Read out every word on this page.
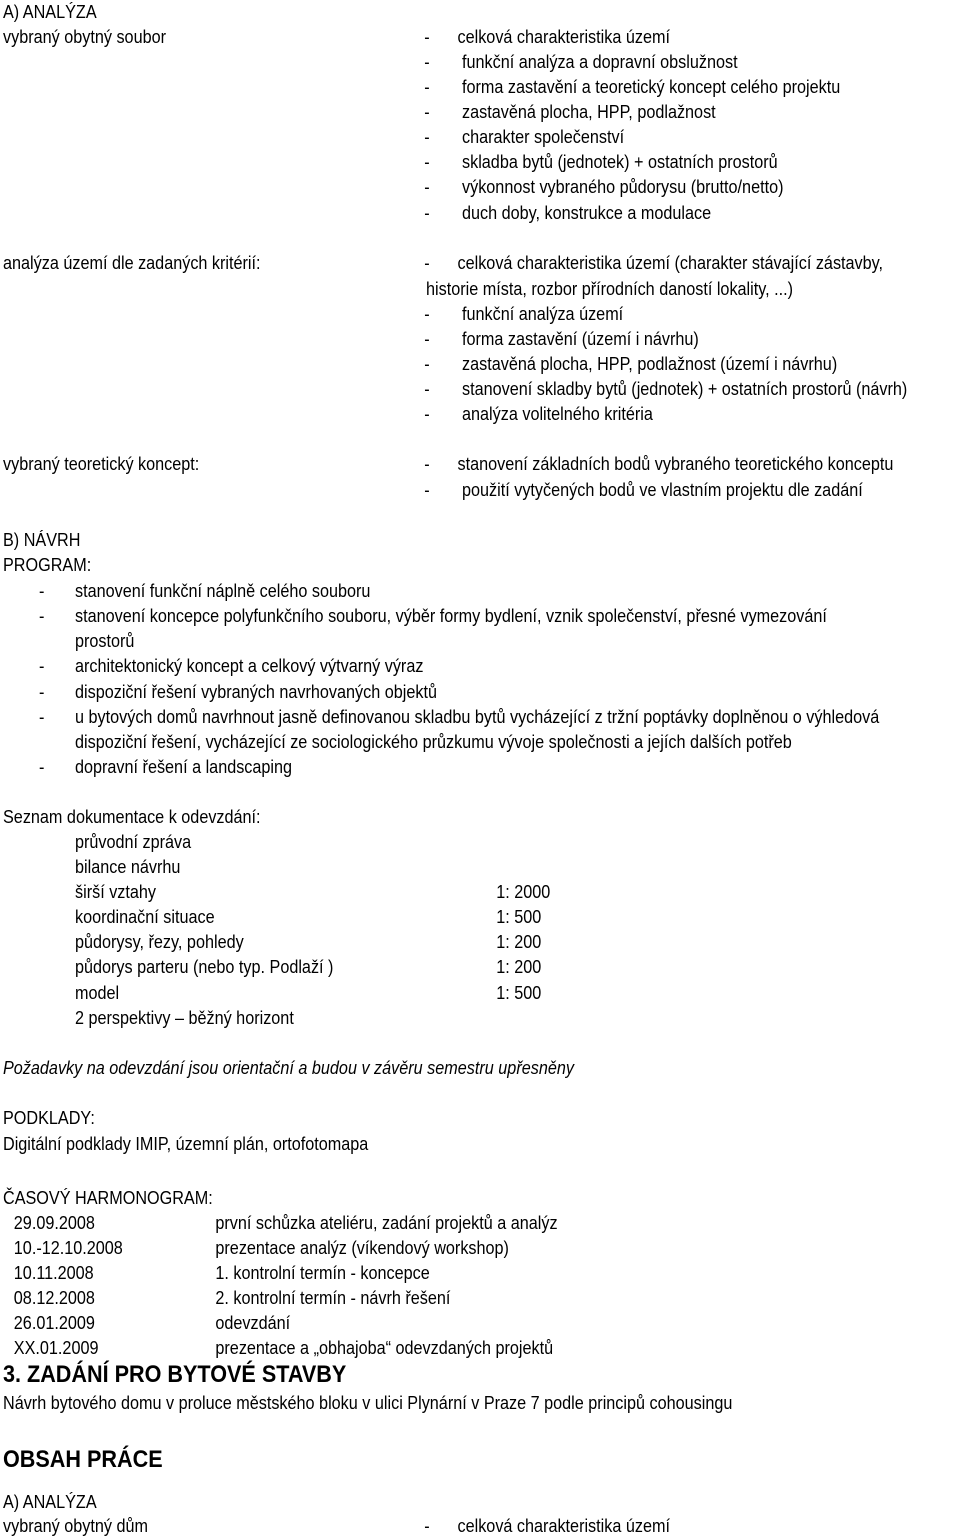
A) ANALÝZA
vybraný obytný soubor	- celková charakteristika území
- funkční analýza a dopravní obslužnost
- forma zastavění a teoretický koncept celého projektu
- zastavěná plocha, HPP, podlažnost
- charakter společenství
- skladba bytů (jednotek) + ostatních prostorů
- výkonnost vybraného půdorysu (brutto/netto)
- duch doby, konstrukce a modulace
analýza území dle zadaných kritérií:	- celková charakteristika území (charakter stávající zástavby,
historie místa, rozbor přírodních daností lokality, ...)
- funkční analýza území
- forma zastavění (území i návrhu)
- zastavěná plocha, HPP, podlažnost (území i návrhu)
- stanovení skladby bytů (jednotek) + ostatních prostorů (návrh)
- analýza volitelného kritéria
vybraný teoretický koncept:	- stanovení základních bodů vybraného teoretického konceptu
- použití vytyčených bodů ve vlastním projektu dle zadání
B) NÁVRH
PROGRAM:
- stanovení funkční náplně celého souboru
- stanovení koncepce polyfunkčního souboru, výběr formy bydlení, vznik společenství, přesné vymezování
prostorů
- architektonický koncept a celkový výtvarný výraz
- dispoziční řešení vybraných navrhovaných objektů
- u bytových domů navrhnout jasně definovanou skladbu bytů vycházející z tržní poptávky doplněnou o výhledová
dispoziční řešení, vycházející ze sociologického průzkumu vývoje společnosti a jejích dalších potřeb
- dopravní řešení a landscaping
Seznam dokumentace k odevzdání:
průvodní zpráva
bilance návrhu
širší vztahy	1: 2000
koordinační situace	1: 500
půdorysy, řezy, pohledy	1: 200
půdorys parteru (nebo typ. Podlaží )	1: 200
model	1: 500
2 perspektivy – běžný horizont
Požadavky na odevzdání jsou orientační a budou v závěru semestru upřesněny
PODKLADY:
Digitální podklady IMIP, územní plán, ortofotomapa
ČASOVÝ HARMONOGRAM:
29.09.2008	první schůzka ateliéru, zadání projektů a analýz
10.-12.10.2008	prezentace analýz (víkendový workshop)
10.11.2008	1. kontrolní termín - koncepce
08.12.2008	2. kontrolní termín - návrh řešení
26.01.2009	odevzdání
XX.01.2009	prezentace a „obhajoba“ odevzdaných projektů
3. ZADÁNÍ PRO BYTOVÉ STAVBY
Návrh bytového domu v proluce městského bloku v ulici Plynární v Praze 7 podle principů cohousingu
OBSAH PRÁCE
A) ANALÝZA
vybraný obytný dům	- celková charakteristika území
